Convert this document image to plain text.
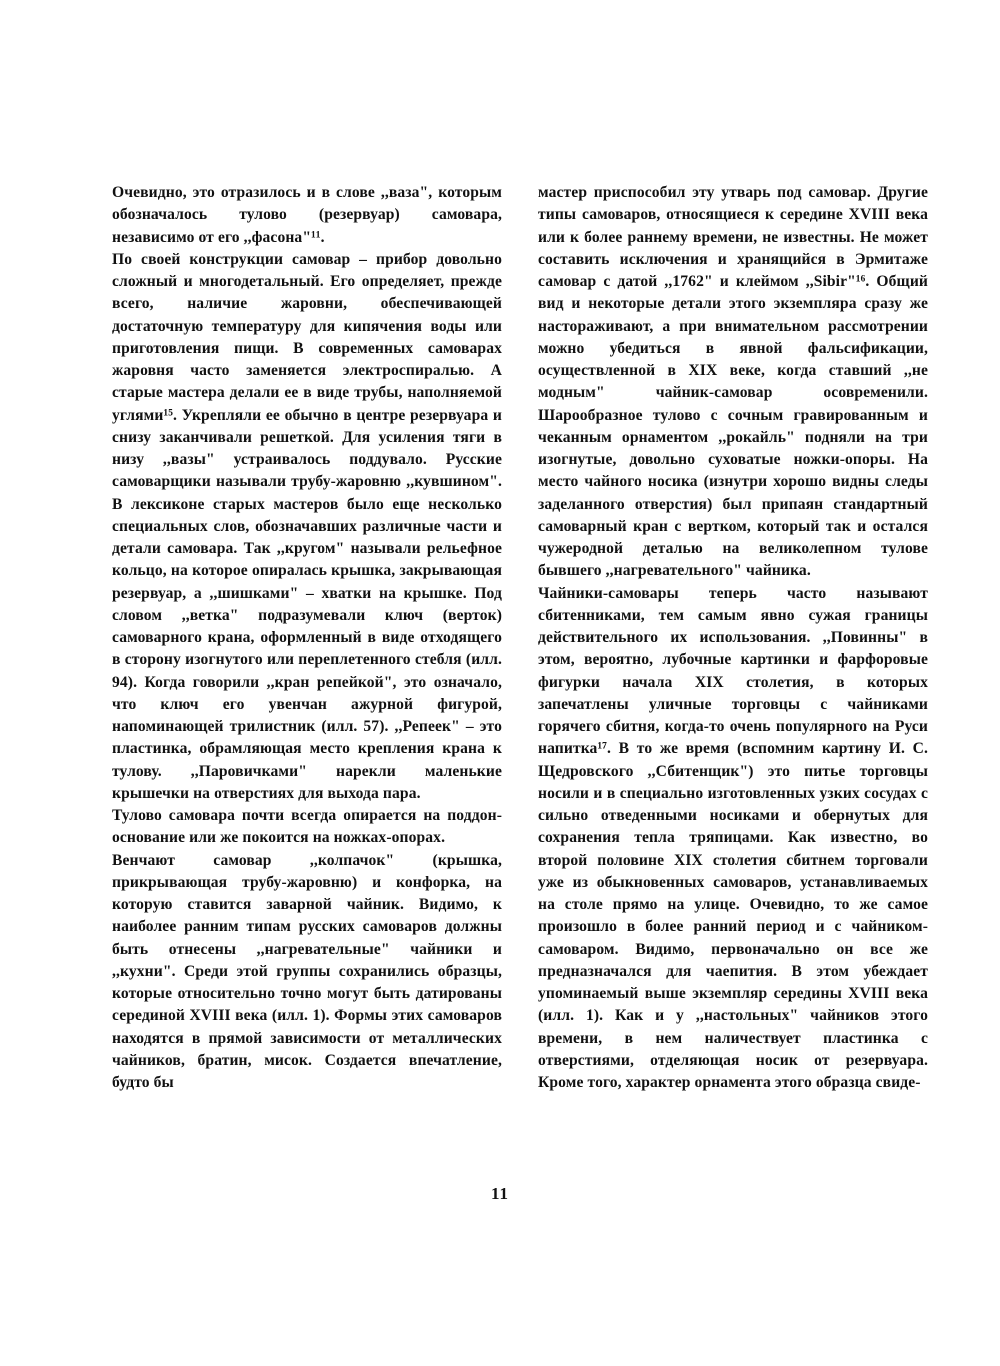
Очевидно, это отразилось и в слове ,,ваза", которым обозначалось тулово (резервуар) самовара, независимо от его ,,фасона"¹¹.

По своей конструкции самовар – прибор довольно сложный и многодетальный. Его определяет, прежде всего, наличие жаровни, обеспечивающей достаточную температуру для кипячения воды или приготовления пищи. В современных самоварах жаровня часто заменяется электроспиралью. А старые мастера делали ее в виде трубы, наполняемой углями¹⁵. Укрепляли ее обычно в центре резервуара и снизу заканчивали решеткой. Для усиления тяги в низу ,,вазы" устраивалось поддувало. Русские самоварщики называли трубу-жаровню ,,кувшином". В лексиконе старых мастеров было еще несколько специальных слов, обозначавших различные части и детали самовара. Так ,,кругом" называли рельефное кольцо, на которое опиралась крышка, закрывающая резервуар, а ,,шишками" – хватки на крышке. Под словом ,,ветка" подразумевали ключ (верток) самоварного крана, оформленный в виде отходящего в сторону изогнутого или переплетенного стебля (илл. 94). Когда говорили ,,кран репейкой", это означало, что ключ его увенчан ажурной фигурой, напоминающей трилистник (илл. 57). ,,Репеек" – это пластинка, обрамляющая место крепления крана к тулову. ,,Паровичками" нарекли маленькие крышечки на отверстиях для выхода пара.

Тулово самовара почти всегда опирается на поддон-основание или же покоится на ножках-опорах.

Венчают самовар ,,колпачок" (крышка, прикрывающая трубу-жаровню) и конфорка, на которую ставится заварной чайник. Видимо, к наиболее ранним типам русских самоваров должны быть отнесены ,,нагревательные" чайники и ,,кухни". Среди этой группы сохранились образцы, которые относительно точно могут быть датированы серединой XVIII века (илл. 1). Формы этих самоваров находятся в прямой зависимости от металлических чайников, братин, мисок. Создается впечатление, будто бы

мастер приспособил эту утварь под самовар. Другие типы самоваров, относящиеся к середине XVIII века или к более раннему времени, не известны. Не может составить исключения и хранящийся в Эрмитаже самовар с датой ,,1762" и клеймом ,,Sibir"¹⁶. Общий вид и некоторые детали этого экземпляра сразу же настораживают, а при внимательном рассмотрении можно убедиться в явной фальсификации, осуществленной в XIX веке, когда ставший ,,не модным" чайник-самовар осовременили. Шарообразное тулово с сочным гравированным и чеканным орнаментом ,,рокайль" подняли на три изогнутые, довольно суховатые ножки-опоры. На место чайного носика (изнутри хорошо видны следы заделанного отверстия) был припаян стандартный самоварный кран с вертком, который так и остался чужеродной деталью на великолепном тулове бывшего ,,нагревательного" чайника.

Чайники-самовары теперь часто называют сбитенниками, тем самым явно сужая границы действительного их использования. ,,Повинны" в этом, вероятно, лубочные картинки и фарфоровые фигурки начала XIX столетия, в которых запечатлены уличные торговцы с чайниками горячего сбитня, когда-то очень популярного на Руси напитка¹⁷. В то же время (вспомним картину И. С. Щедровского ,,Сбитенщик") это питье торговцы носили и в специально изготовленных узких сосудах с сильно отведенными носиками и обернутых для сохранения тепла тряпицами. Как известно, во второй половине XIX столетия сбитнем торговали уже из обыкновенных самоваров, устанавливаемых на столе прямо на улице. Очевидно, то же самое произошло в более ранний период и с чайником-самоваром. Видимо, первоначально он все же предназначался для чаепития. В этом убеждает упоминаемый выше экземпляр середины XVIII века (илл. 1). Как и у ,,настольных" чайников этого времени, в нем наличествует пластинка с отверстиями, отделяющая носик от резервуара. Кроме того, характер орнамента этого образца свиде-

11
